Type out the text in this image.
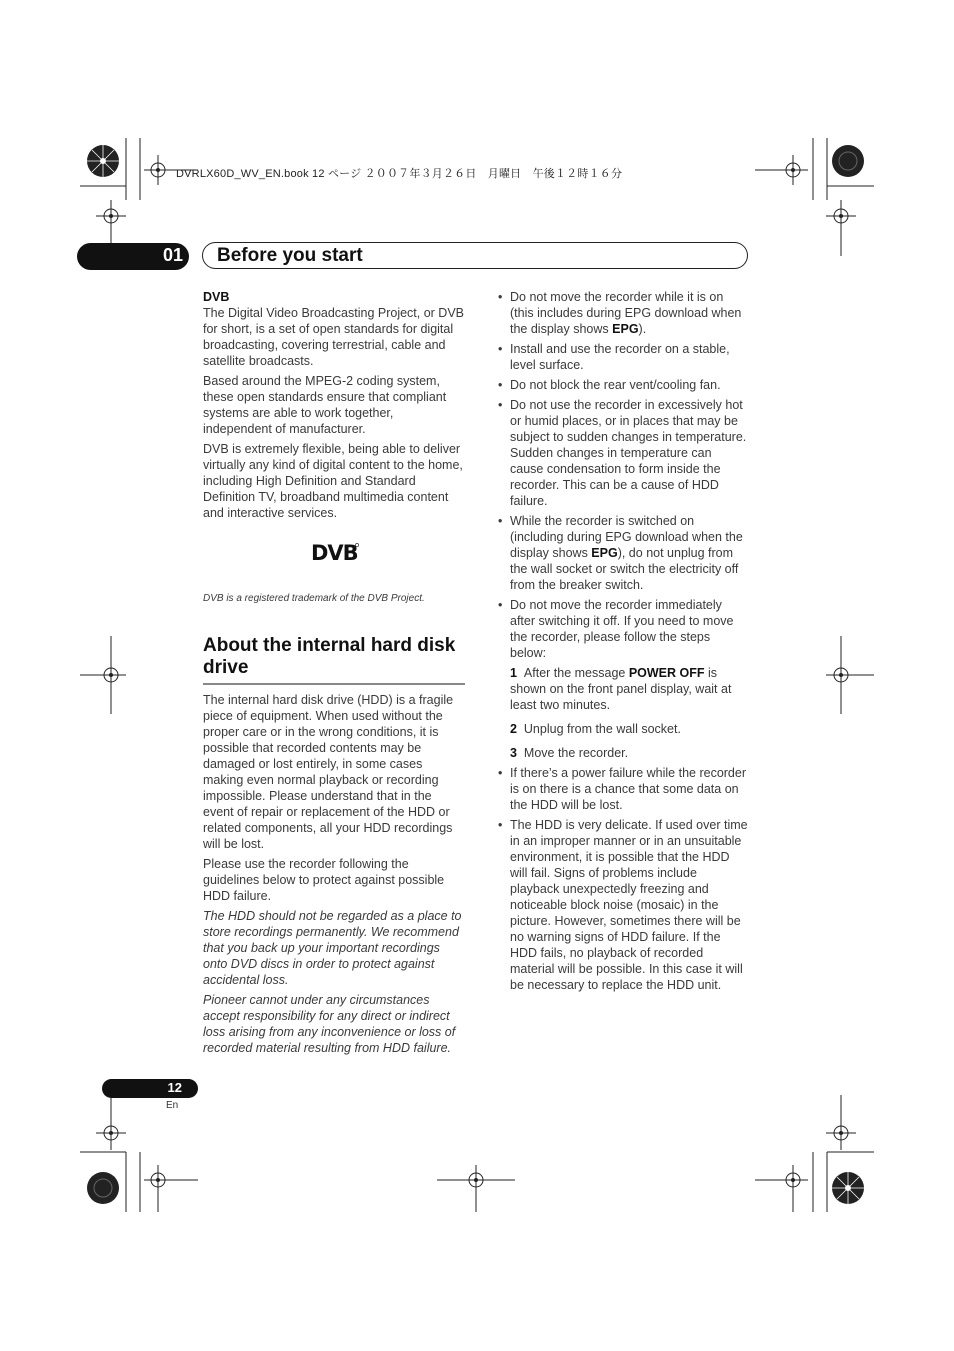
DVRLX60D_WV_EN.book 12 ページ ２００７年３月２６日　月曜日　午後１２時１６分
01 Before you start
DVB

The Digital Video Broadcasting Project, or DVB for short, is a set of open standards for digital broadcasting, covering terrestrial, cable and satellite broadcasts.

Based around the MPEG-2 coding system, these open standards ensure that compliant systems are able to work together, independent of manufacturer.

DVB is extremely flexible, being able to deliver virtually any kind of digital content to the home, including High Definition and Standard Definition TV, broadband multimedia content and interactive services.

DVB is a registered trademark of the DVB Project.

About the internal hard disk drive

The internal hard disk drive (HDD) is a fragile piece of equipment. When used without the proper care or in the wrong conditions, it is possible that recorded contents may be damaged or lost entirely, in some cases making even normal playback or recording impossible. Please understand that in the event of repair or replacement of the HDD or related components, all your HDD recordings will be lost.

Please use the recorder following the guidelines below to protect against possible HDD failure.

The HDD should not be regarded as a place to store recordings permanently. We recommend that you back up your important recordings onto DVD discs in order to protect against accidental loss.

Pioneer cannot under any circumstances accept responsibility for any direct or indirect loss arising from any inconvenience or loss of recorded material resulting from HDD failure.

DVB
• Do not move the recorder while it is on (this includes during EPG download when the display shows EPG).
• Install and use the recorder on a stable, level surface.
• Do not block the rear vent/cooling fan.
• Do not use the recorder in excessively hot or humid places, or in places that may be subject to sudden changes in temperature. Sudden changes in temperature can cause condensation to form inside the recorder. This can be a cause of HDD failure.
• While the recorder is switched on (including during EPG download when the display shows EPG), do not unplug from the wall socket or switch the electricity off from the breaker switch.
• Do not move the recorder immediately after switching it off. If you need to move the recorder, please follow the steps below:
1 After the message POWER OFF is shown on the front panel display, wait at least two minutes.
2 Unplug from the wall socket.
3 Move the recorder.
• If there’s a power failure while the recorder is on there is a chance that some data on the HDD will be lost.
• The HDD is very delicate. If used over time in an improper manner or in an unsuitable environment, it is possible that the HDD will fail. Signs of problems include playback unexpectedly freezing and noticeable block noise (mosaic) in the picture. However, sometimes there will be no warning signs of HDD failure. If the HDD fails, no playback of recorded material will be possible. In this case it will be necessary to replace the HDD unit.
12
En
